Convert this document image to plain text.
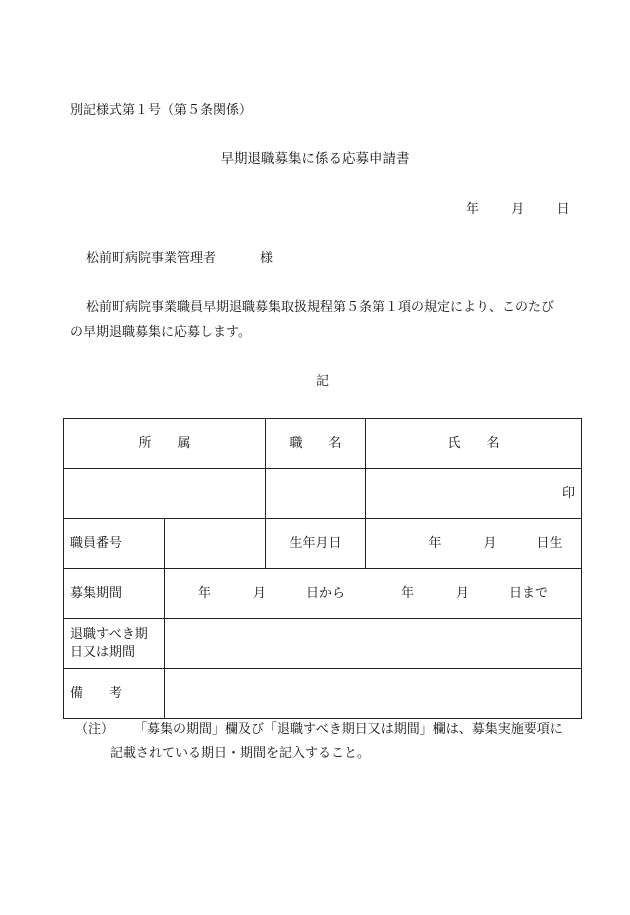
別記様式第１号（第５条関係）
早期退職募集に係る応募申請書
年 月 日
松前町病院事業管理者	様
松前町病院事業職員早期退職募集取扱規程第５条第１項の規定により、このたび
の早期退職募集に応募します。
記
所　　属		職　　名	氏　　名
			印
職員番号		生年月日	年 月 日生
募集期間	年 月 日から 年 月 日まで		

退職すべき期
日又は期間			

備　　考			
（注） 「募集の期間」欄及び「退職すべき期日又は期間」欄は、募集実施要項に
記載されている期日・期間を記入すること。
